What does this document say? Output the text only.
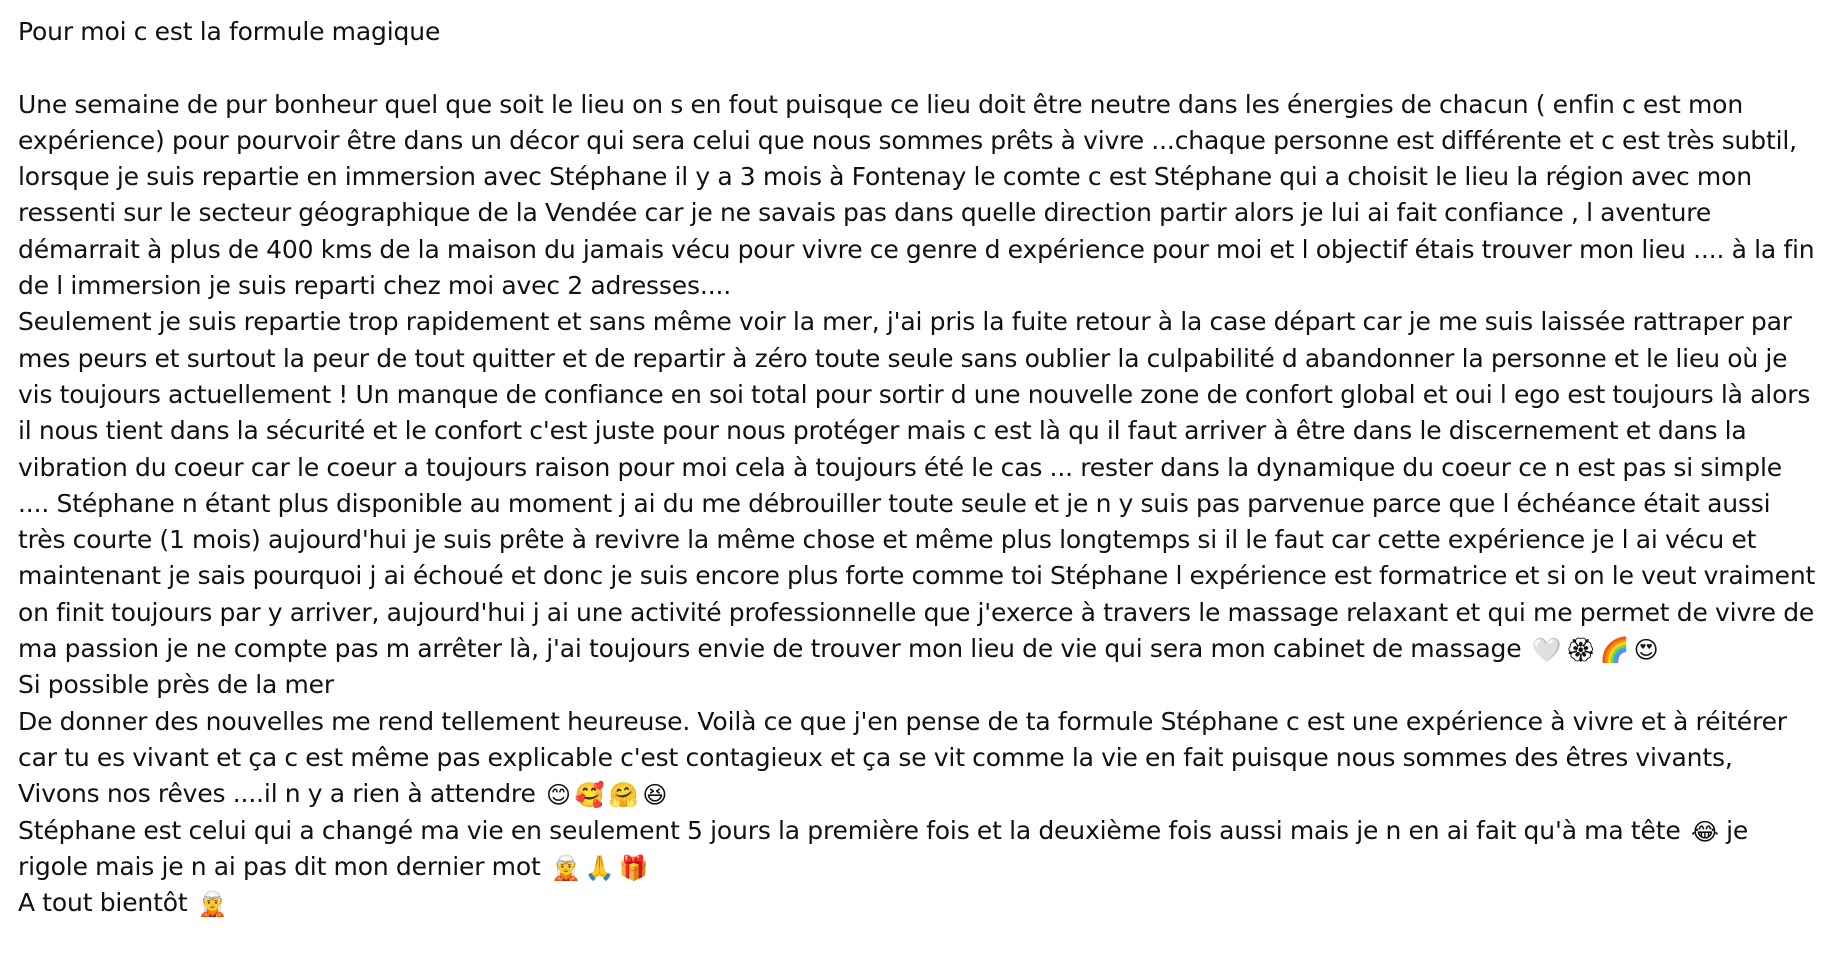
Pour moi c est la formule magique

Une semaine de pur bonheur quel que soit le lieu on s en fout puisque ce lieu doit être neutre dans les énergies de chacun ( enfin c est mon expérience) pour pourvoir être dans un décor qui sera celui que nous sommes prêts à vivre ...chaque personne est différente et c est très subtil, lorsque je suis repartie en immersion avec Stéphane il y a 3 mois à Fontenay le comte c est Stéphane qui a choisit le lieu la région avec mon ressenti sur le secteur géographique de la Vendée car je ne savais pas dans quelle direction partir alors je lui ai fait confiance , l aventure démarrait à plus de 400 kms de la maison du jamais vécu pour vivre ce genre d expérience pour moi et l objectif étais trouver mon lieu .... à la fin de l immersion je suis reparti chez moi avec 2 adresses....

Seulement je suis repartie trop rapidement et sans même voir la mer, j'ai pris la fuite retour à la case départ car je me suis laissée rattraper par mes peurs et surtout la peur de tout quitter et de repartir à zéro toute seule sans oublier la culpabilité d abandonner la personne et le lieu où je vis toujours actuellement ! Un manque de confiance en soi total pour sortir d une nouvelle zone de confort global et oui l ego est toujours là alors il nous tient dans la sécurité et le confort c'est juste pour nous protéger mais c est là qu il faut arriver à être dans le discernement et dans la vibration du coeur car le coeur a toujours raison pour moi cela à toujours été le cas ... rester dans la dynamique du coeur ce n est pas si simple .... Stéphane n étant plus disponible au moment j ai du me débrouiller toute seule et je n y suis pas parvenue parce que l échéance était aussi très courte (1 mois) aujourd'hui je suis prête à revivre la même chose et même plus longtemps si il le faut car cette expérience je l ai vécu et maintenant je sais pourquoi j ai échoué et donc je suis encore plus forte comme toi Stéphane l expérience est formatrice et si on le veut vraiment on finit toujours par y arriver, aujourd'hui j ai une activité professionnelle que j'exerce à travers le massage relaxant et qui me permet de vivre de ma passion je ne compte pas m arrêter là, j'ai toujours envie de trouver mon lieu de vie qui sera mon cabinet de massage 🤍 🏵 🌈 😍

Si possible près de la mer

De donner des nouvelles me rend tellement heureuse. Voilà ce que j'en pense de ta formule Stéphane c est une expérience à vivre et à réitérer car tu es vivant et ça c est même pas explicable c'est contagieux et ça se vit comme la vie en fait puisque nous sommes des êtres vivants, Vivons nos rêves ....il n y a rien à attendre 😊 🥰 🤗 😆

Stéphane est celui qui a changé ma vie en seulement 5 jours la première fois et la deuxième fois aussi mais je n en ai fait qu'à ma tête 😂 je rigole mais je n ai pas dit mon dernier mot 🧝 🙏 🎁

A tout bientôt 🧝
